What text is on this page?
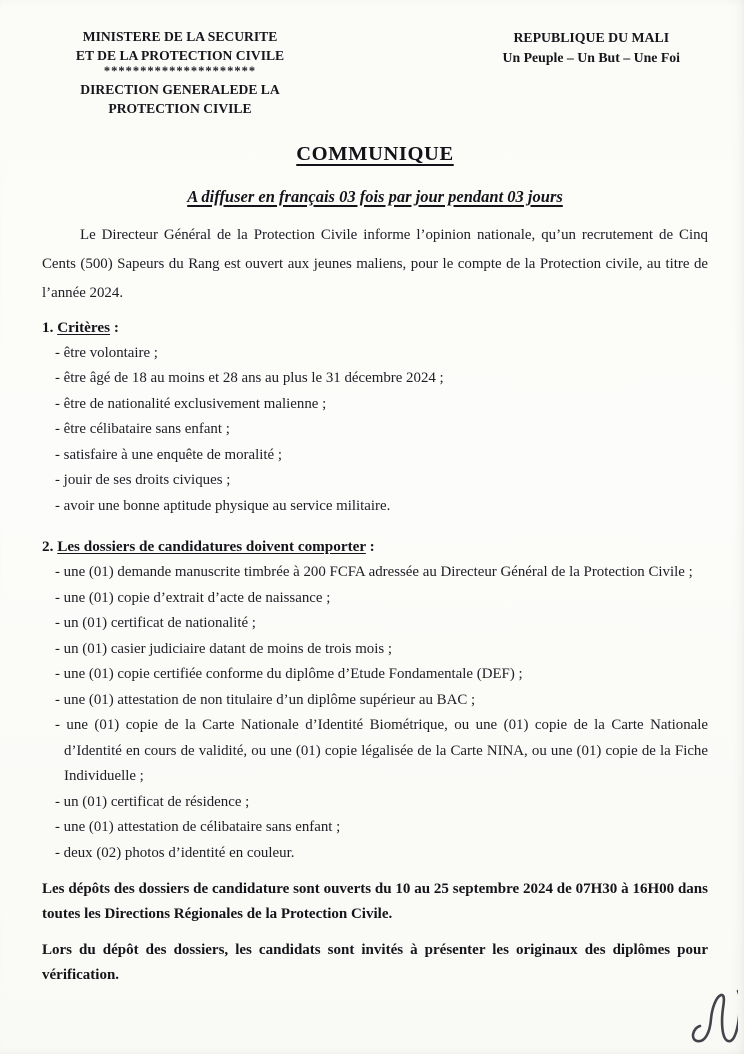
MINISTERE DE LA SECURITE
ET DE LA PROTECTION CIVILE
*********************
DIRECTION GENERALEDE LA
PROTECTION CIVILE
REPUBLIQUE DU MALI
Un Peuple – Un But – Une Foi
COMMUNIQUE
A diffuser en français 03 fois par jour pendant 03 jours

Le Directeur Général de la Protection Civile informe l’opinion nationale, qu’un recrutement de Cinq Cents (500) Sapeurs du Rang est ouvert aux jeunes maliens, pour le compte de la Protection civile, au titre de l’année 2024.

1. Critères :

- être volontaire ;

- être âgé de 18 au moins et 28 ans au plus le 31 décembre 2024 ;

- être de nationalité exclusivement malienne ;

- être célibataire sans enfant ;

- satisfaire à une enquête de moralité ;

- jouir de ses droits civiques ;

- avoir une bonne aptitude physique au service militaire.

2. Les dossiers de candidatures doivent comporter :

- une (01) demande manuscrite timbrée à 200 FCFA adressée au Directeur Général de la Protection Civile ;

- une (01) copie d’extrait d’acte de naissance ;

- un (01) certificat de nationalité ;

- un (01) casier judiciaire datant de moins de trois mois ;

- une (01) copie certifiée conforme du diplôme d’Etude Fondamentale (DEF) ;

- une (01) attestation de non titulaire d’un diplôme supérieur au BAC ;

- une (01) copie de la Carte Nationale d’Identité Biométrique, ou une (01) copie de la Carte Nationale d’Identité en cours de validité, ou une (01) copie légalisée de la Carte NINA, ou une (01) copie de la Fiche Individuelle ;

- un (01) certificat de résidence ;

- une (01) attestation de célibataire sans enfant ;

- deux (02) photos d’identité en couleur.

Les dépôts des dossiers de candidature sont ouverts du 10 au 25 septembre 2024 de 07H30 à 16H00 dans toutes les Directions Régionales de la Protection Civile.

Lors du dépôt des dossiers, les candidats sont invités à présenter les originaux des diplômes pour vérification.
